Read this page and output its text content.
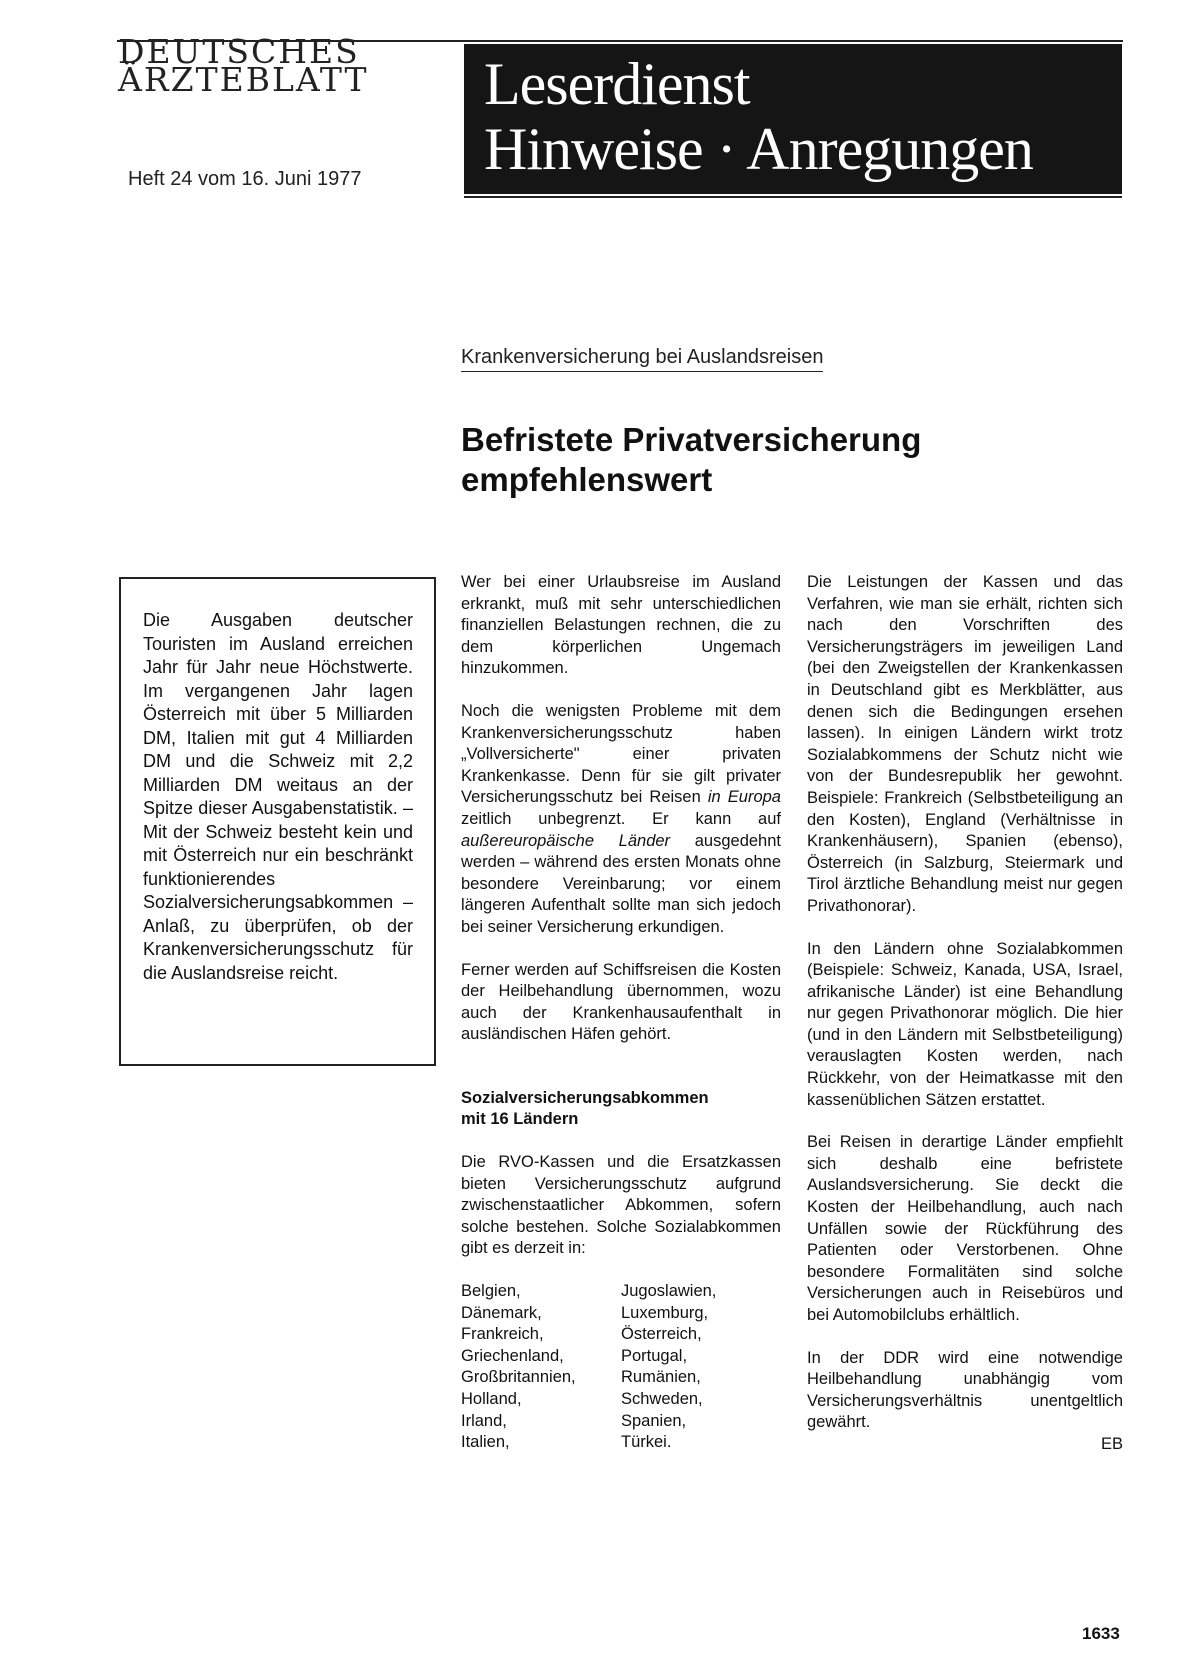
DEUTSCHES
ÄRZTEBLATT
Heft 24 vom 16. Juni 1977
Leserdienst
Hinweise · Anregungen
Krankenversicherung bei Auslandsreisen
Befristete Privatversicherung
empfehlenswert
Die Ausgaben deutscher Touristen im Ausland erreichen Jahr für Jahr neue Höchstwerte. Im vergangenen Jahr lagen Österreich mit über 5 Milliarden DM, Italien mit gut 4 Milliarden DM und die Schweiz mit 2,2 Milliarden DM weitaus an der Spitze dieser Ausgabenstatistik. – Mit der Schweiz besteht kein und mit Österreich nur ein beschränkt funktionierendes Sozialversicherungsabkommen – Anlaß, zu überprüfen, ob der Krankenversicherungsschutz für die Auslandsreise reicht.

Wer bei einer Urlaubsreise im Ausland erkrankt, muß mit sehr unterschiedlichen finanziellen Belastungen rechnen, die zu dem körperlichen Ungemach hinzukommen.

Noch die wenigsten Probleme mit dem Krankenversicherungsschutz haben „Vollversicherte" einer privaten Krankenkasse. Denn für sie gilt privater Versicherungsschutz bei Reisen in Europa zeitlich unbegrenzt. Er kann auf außereuropäische Länder ausgedehnt werden – während des ersten Monats ohne besondere Vereinbarung; vor einem längeren Aufenthalt sollte man sich jedoch bei seiner Versicherung erkundigen.

Ferner werden auf Schiffsreisen die Kosten der Heilbehandlung übernommen, wozu auch der Krankenhausaufenthalt in ausländischen Häfen gehört.

Sozialversicherungsabkommen
mit 16 Ländern

Die RVO-Kassen und die Ersatzkassen bieten Versicherungsschutz aufgrund zwischenstaatlicher Abkommen, sofern solche bestehen. Solche Sozialabkommen gibt es derzeit in:

Belgien,
Dänemark,
Frankreich,
Griechenland,
Großbritannien,
Holland,
Irland,
Italien,
Jugoslawien,
Luxemburg,
Österreich,
Portugal,
Rumänien,
Schweden,
Spanien,
Türkei.

Die Leistungen der Kassen und das Verfahren, wie man sie erhält, richten sich nach den Vorschriften des Versicherungsträgers im jeweiligen Land (bei den Zweigstellen der Krankenkassen in Deutschland gibt es Merkblätter, aus denen sich die Bedingungen ersehen lassen). In einigen Ländern wirkt trotz Sozialabkommens der Schutz nicht wie von der Bundesrepublik her gewohnt. Beispiele: Frankreich (Selbstbeteiligung an den Kosten), England (Verhältnisse in Krankenhäusern), Spanien (ebenso), Österreich (in Salzburg, Steiermark und Tirol ärztliche Behandlung meist nur gegen Privathonorar).

In den Ländern ohne Sozialabkommen (Beispiele: Schweiz, Kanada, USA, Israel, afrikanische Länder) ist eine Behandlung nur gegen Privathonorar möglich. Die hier (und in den Ländern mit Selbstbeteiligung) verauslagten Kosten werden, nach Rückkehr, von der Heimatkasse mit den kassenüblichen Sätzen erstattet.

Bei Reisen in derartige Länder empfiehlt sich deshalb eine befristete Auslandsversicherung. Sie deckt die Kosten der Heilbehandlung, auch nach Unfällen sowie der Rückführung des Patienten oder Verstorbenen. Ohne besondere Formalitäten sind solche Versicherungen auch in Reisebüros und bei Automobilclubs erhältlich.

In der DDR wird eine notwendige Heilbehandlung unabhängig vom Versicherungsverhältnis unentgeltlich gewährt.

EB
1633
